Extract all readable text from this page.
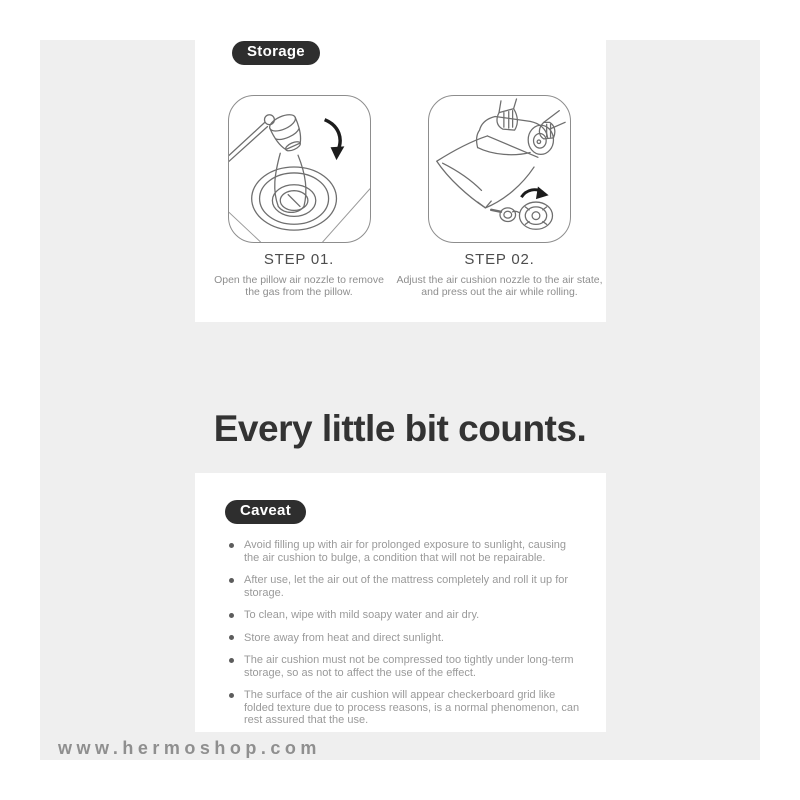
Storage
STEP 01.
Open the pillow air nozzle to remove
the gas from the pillow.
STEP 02.
Adjust the air cushion nozzle to the air state,
and press out the air while rolling.
Every little bit counts.
Caveat
Avoid filling up with air for prolonged exposure to sunlight, causing the air cushion to bulge, a condition that will not be repairable.
After use, let the air out of the mattress completely and roll it up for storage.
To clean, wipe with mild soapy water and air dry.
Store away from heat and direct sunlight.
The air cushion must not be compressed too tightly under long-term storage, so as not to affect the use of the effect.
The surface of the air cushion will appear checkerboard grid like folded texture due to process reasons, is a normal phenomenon, can rest assured that the use.
www.hermoshop.com
